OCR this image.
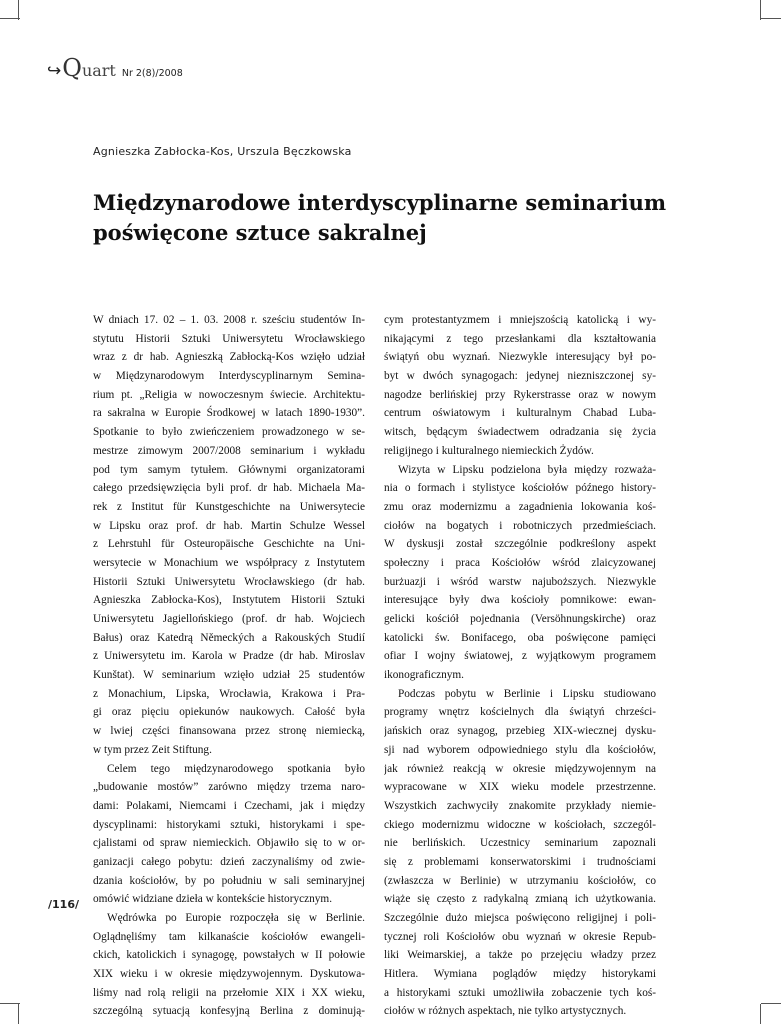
↪ Q uart Nr 2(8)/2008
Agnieszka Zabłocka-Kos, Urszula Bęczkowska
Międzynarodowe interdyscyplinarne seminarium
poświęcone sztuce sakralnej
W dniach 17. 02 – 1. 03. 2008 r. sześciu studentów In-
stytutu Historii Sztuki Uniwersytetu Wrocławskiego
wraz z dr hab. Agnieszką Zabłocką-Kos wzięło udział
w Międzynarodowym Interdyscyplinarnym Semina-
rium pt. „Religia w nowoczesnym świecie. Architektu-
ra sakralna w Europie Środkowej w latach 1890-1930”.
Spotkanie to było zwieńczeniem prowadzonego w se-
mestrze zimowym 2007/2008 seminarium i wykładu
pod tym samym tytułem. Głównymi organizatorami
całego przedsięwzięcia byli prof. dr hab. Michaela Ma-
rek z Institut für Kunstgeschichte na Uniwersytecie
w Lipsku oraz prof. dr hab. Martin Schulze Wessel
z Lehrstuhl für Osteuropäische Geschichte na Uni-
wersytecie w Monachium we współpracy z Instytutem
Historii Sztuki Uniwersytetu Wrocławskiego (dr hab.
Agnieszka Zabłocka-Kos), Instytutem Historii Sztuki
Uniwersytetu Jagiellońskiego (prof. dr hab. Wojciech
Bałus) oraz Katedrą Německých a Rakouských Studií
z Uniwersytetu im. Karola w Pradze (dr hab. Miroslav
Kunštat). W seminarium wzięło udział 25 studentów
z Monachium, Lipska, Wrocławia, Krakowa i Pra-
gi oraz pięciu opiekunów naukowych. Całość była
w lwiej części finansowana przez stronę niemiecką,
w tym przez Zeit Stiftung.
Celem tego międzynarodowego spotkania było
„budowanie mostów” zarówno między trzema naro-
dami: Polakami, Niemcami i Czechami, jak i między
dyscyplinami: historykami sztuki, historykami i spe-
cjalistami od spraw niemieckich. Objawiło się to w or-
ganizacji całego pobytu: dzień zaczynaliśmy od zwie-
dzania kościołów, by po południu w sali seminaryjnej
omówić widziane dzieła w kontekście historycznym.
Wędrówka po Europie rozpoczęła się w Berlinie.
Oglądnęliśmy tam kilkanaście kościołów ewangeli-
ckich, katolickich i synagogę, powstałych w II połowie
XIX wieku i w okresie międzywojennym. Dyskutowa-
liśmy nad rolą religii na przełomie XIX i XX wieku,
szczególną sytuacją konfesyjną Berlina z dominują-
cym protestantyzmem i mniejszością katolicką i wy-
nikającymi z tego przesłankami dla kształtowania
świątyń obu wyznań. Niezwykle interesujący był po-
byt w dwóch synagogach: jedynej niezniszczonej sy-
nagodze berlińskiej przy Rykerstrasse oraz w nowym
centrum oświatowym i kulturalnym Chabad Luba-
witsch, będącym świadectwem odradzania się życia
religijnego i kulturalnego niemieckich Żydów.
Wizyta w Lipsku podzielona była między rozważa-
nia o formach i stylistyce kościołów późnego history-
zmu oraz modernizmu a zagadnienia lokowania koś-
ciołów na bogatych i robotniczych przedmieściach.
W dyskusji został szczególnie podkreślony aspekt
społeczny i praca Kościołów wśród zlaicyzowanej
burżuazji i wśród warstw najuboższych. Niezwykle
interesujące były dwa kościoły pomnikowe: ewan-
gelicki kościół pojednania (Versöhnungskirche) oraz
katolicki św. Bonifacego, oba poświęcone pamięci
ofiar I wojny światowej, z wyjątkowym programem
ikonograficznym.
Podczas pobytu w Berlinie i Lipsku studiowano
programy wnętrz kościelnych dla świątyń chrześci-
jańskich oraz synagog, przebieg XIX-wiecznej dysku-
sji nad wyborem odpowiedniego stylu dla kościołów,
jak również reakcją w okresie międzywojennym na
wypracowane w XIX wieku modele przestrzenne.
Wszystkich zachwyciły znakomite przykłady niemie-
ckiego modernizmu widoczne w kościołach, szczegól-
nie berlińskich. Uczestnicy seminarium zapoznali
się z problemami konserwatorskimi i trudnościami
(zwłaszcza w Berlinie) w utrzymaniu kościołów, co
wiąże się często z radykalną zmianą ich użytkowania.
Szczególnie dużo miejsca poświęcono religijnej i poli-
tycznej roli Kościołów obu wyznań w okresie Repub-
liki Weimarskiej, a także po przejęciu władzy przez
Hitlera. Wymiana poglądów między historykami
a historykami sztuki umożliwiła zobaczenie tych koś-
ciołów w różnych aspektach, nie tylko artystycznych.
/116/
